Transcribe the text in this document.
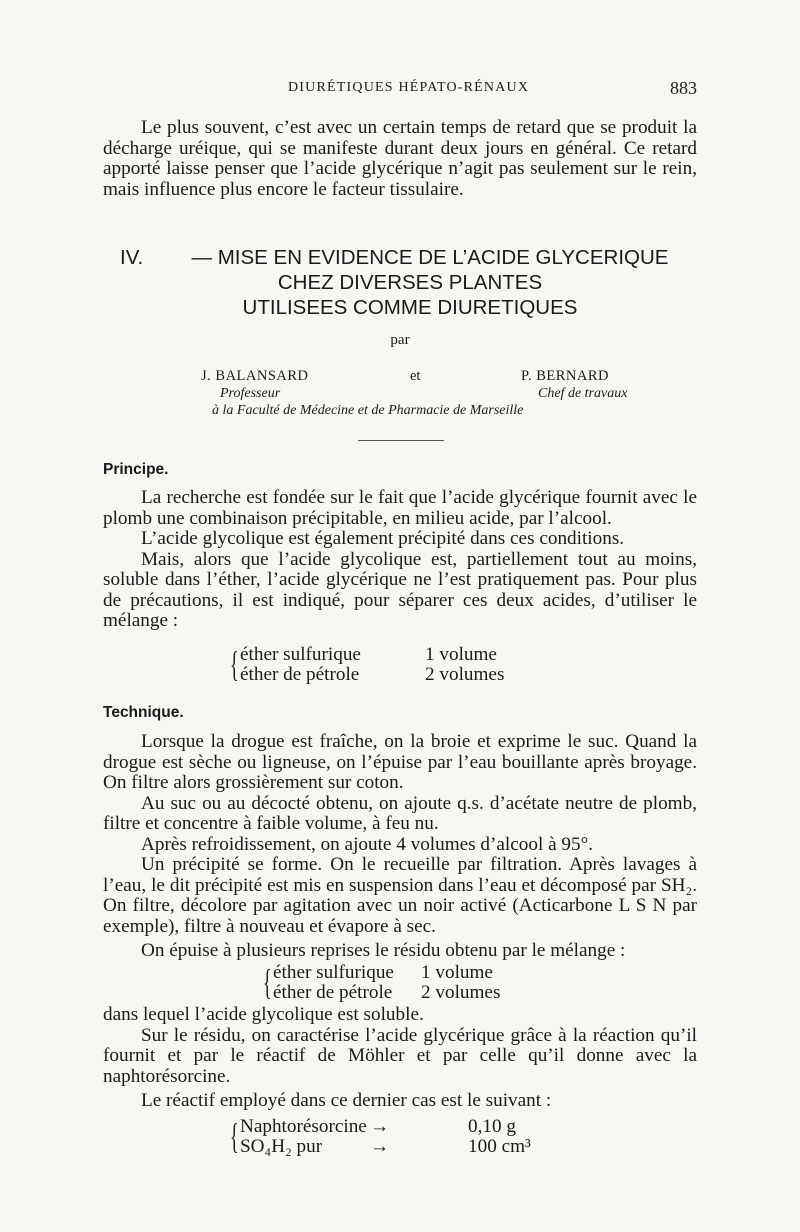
DIURÉTIQUES HÉPATO-RÉNAUX	883

Le plus souvent, c’est avec un certain temps de retard que se produit la décharge uréique, qui se manifeste durant deux jours en général. Ce retard apporté laisse penser que l’acide glycérique n’agit pas seulement sur le rein, mais influence plus encore le facteur tissulaire.

IV.	— MISE EN EVIDENCE DE L’ACIDE GLYCERIQUE
CHEZ DIVERSES PLANTES
UTILISEES COMME DIURETIQUES
par
J. BALANSARD	et	P. BERNARD
Professeur	Chef de travaux
à la Faculté de Médecine et de Pharmacie de Marseille
Principe.

La recherche est fondée sur le fait que l’acide glycérique fournit avec le plomb une combinaison précipitable, en milieu acide, par l’alcool.

L’acide glycolique est également précipité dans ces conditions.

Mais, alors que l’acide glycolique est, partiellement tout au moins, soluble dans l’éther, l’acide glycérique ne l’est pratiquement pas. Pour plus de précautions, il est indiqué, pour séparer ces deux acides, d’utiliser le mélange :

{ éther sulfurique	1 volume
éther de pétrole	2 volumes
Technique.

Lorsque la drogue est fraîche, on la broie et exprime le suc. Quand la drogue est sèche ou ligneuse, on l’épuise par l’eau bouillante après broyage. On filtre alors grossièrement sur coton.

Au suc ou au décocté obtenu, on ajoute q.s. d’acétate neutre de plomb, filtre et concentre à faible volume, à feu nu.

Après refroidissement, on ajoute 4 volumes d’alcool à 95°.

Un précipité se forme. On le recueille par filtration. Après lavages à l’eau, le dit précipité est mis en suspension dans l’eau et décomposé par SH₂. On filtre, décolore par agitation avec un noir activé (Acticarbone L S N par exemple), filtre à nouveau et évapore à sec.

On épuise à plusieurs reprises le résidu obtenu par le mélange :

{ éther sulfurique 1 volume
éther de pétrole 2 volumes

dans lequel l’acide glycolique est soluble.

Sur le résidu, on caractérise l’acide glycérique grâce à la réaction qu’il fournit et par le réactif de Möhler et par celle qu’il donne avec la naphtorésorcine.

Le réactif employé dans ce dernier cas est le suivant :

{ Naphtorésorcine →	0,10 g
SO₄H₂ pur →	100 cm³
